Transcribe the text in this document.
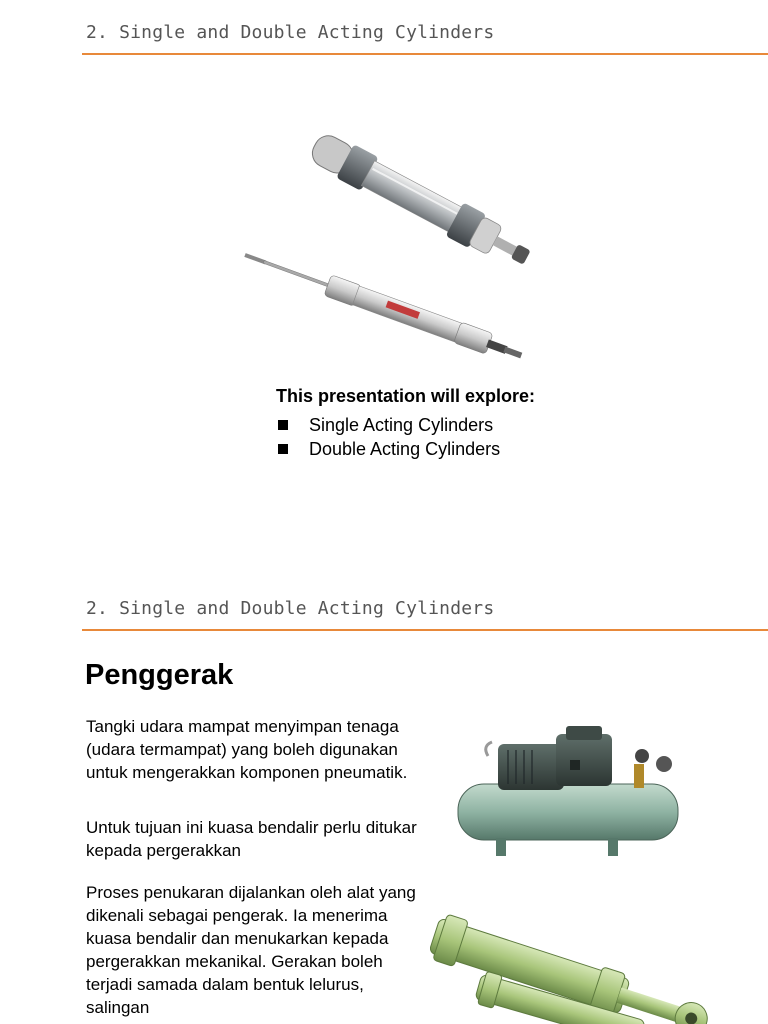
2. Single and Double Acting Cylinders

This presentation will explore:

Single Acting Cylinders
Double Acting Cylinders
2. Single and Double Acting Cylinders
Penggerak

Tangki udara mampat menyimpan tenaga (udara termampat) yang boleh digunakan untuk mengerakkan komponen pneumatik.

Untuk tujuan ini kuasa bendalir perlu ditukar kepada pergerakkan

Proses penukaran dijalankan oleh alat yang dikenali sebagai pengerak. Ia menerima kuasa bendalir dan menukarkan kepada pergerakkan mekanikal. Gerakan boleh terjadi samada dalam bentuk lelurus, salingan
